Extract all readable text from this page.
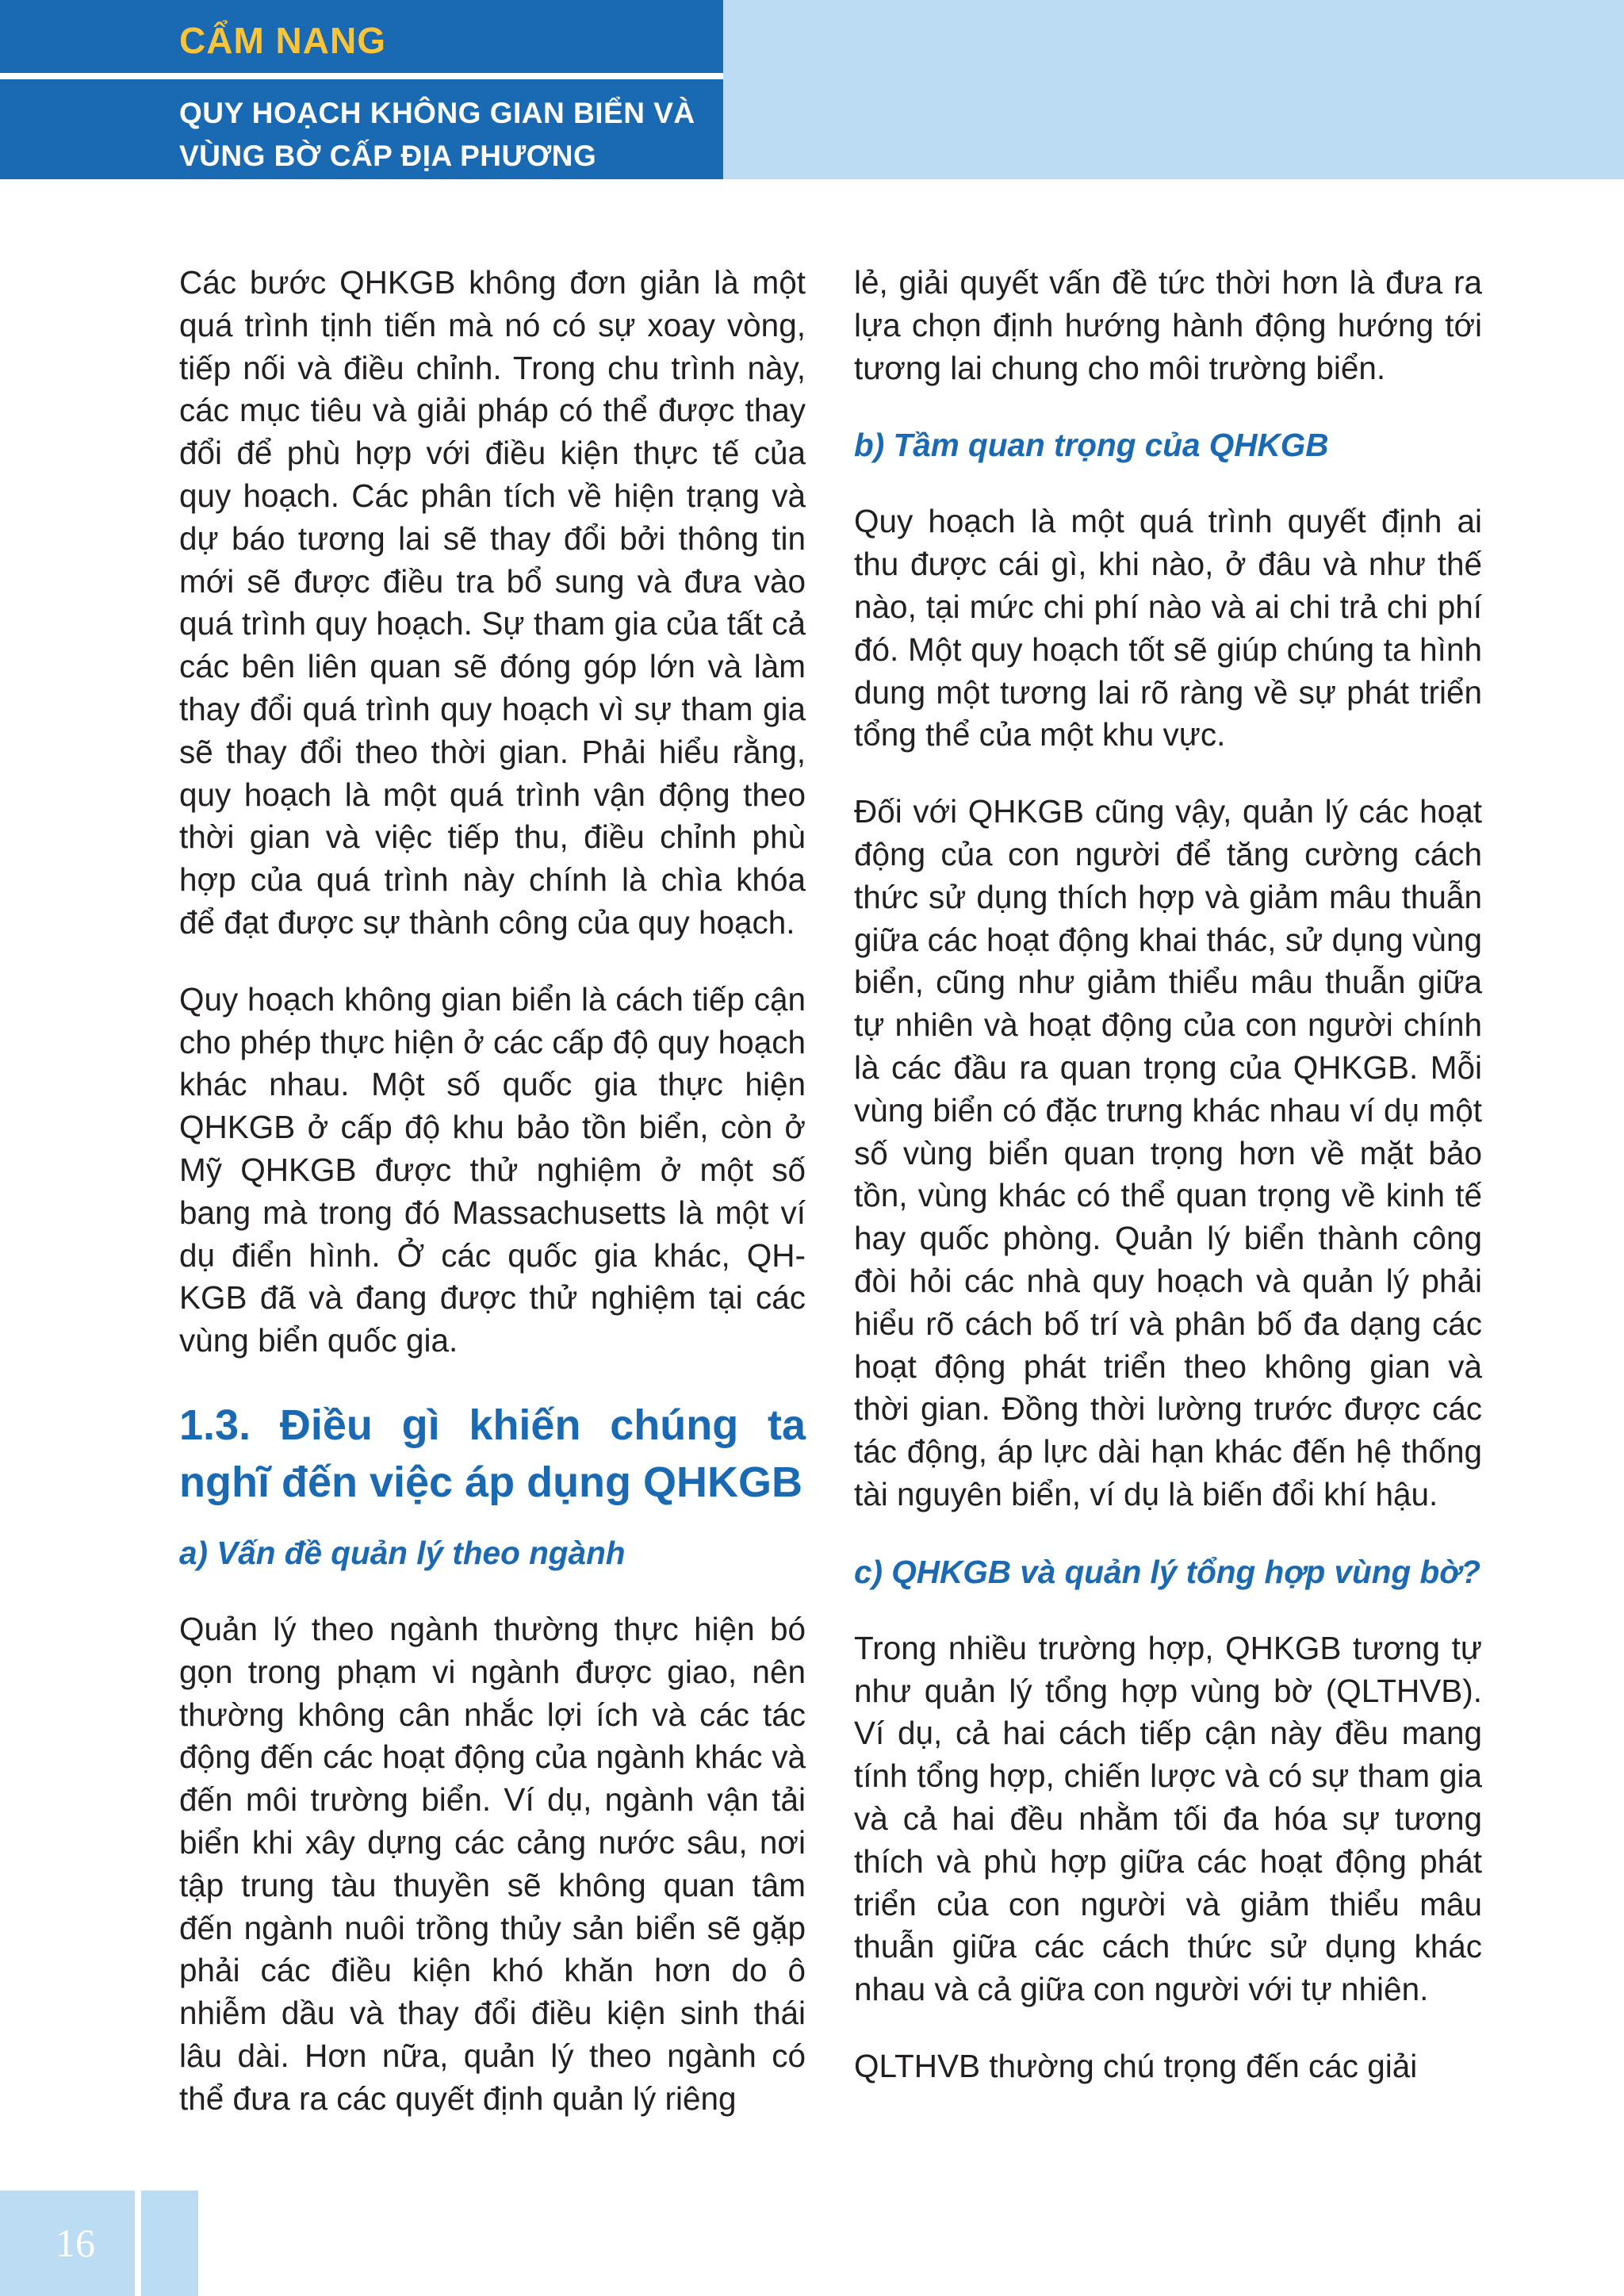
CẨM NANG
QUY HOẠCH KHÔNG GIAN BIỂN VÀ VÙNG BỜ CẤP ĐỊA PHƯƠNG

Các bước QHKGB không đơn giản là một quá trình tịnh tiến mà nó có sự xoay vòng, tiếp nối và điều chỉnh. Trong chu trình này, các mục tiêu và giải pháp có thể được thay đổi để phù hợp với điều kiện thực tế của quy hoạch. Các phân tích về hiện trạng và dự báo tương lai sẽ thay đổi bởi thông tin mới sẽ được điều tra bổ sung và đưa vào quá trình quy hoạch. Sự tham gia của tất cả các bên liên quan sẽ đóng góp lớn và làm thay đổi quá trình quy hoạch vì sự tham gia sẽ thay đổi theo thời gian. Phải hiểu rằng, quy hoạch là một quá trình vận động theo thời gian và việc tiếp thu, điều chỉnh phù hợp của quá trình này chính là chìa khóa để đạt được sự thành công của quy hoạch.

Quy hoạch không gian biển là cách tiếp cận cho phép thực hiện ở các cấp độ quy hoạch khác nhau. Một số quốc gia thực hiện QHKGB ở cấp độ khu bảo tồn biển, còn ở Mỹ QHKGB được thử nghiệm ở một số bang mà trong đó Massachusetts là một ví dụ điển hình. Ở các quốc gia khác, QH-KGB đã và đang được thử nghiệm tại các vùng biển quốc gia.

1.3. Điều gì khiến chúng ta nghĩ đến việc áp dụng QHKGB
a) Vấn đề quản lý theo ngành

Quản lý theo ngành thường thực hiện bó gọn trong phạm vi ngành được giao, nên thường không cân nhắc lợi ích và các tác động đến các hoạt động của ngành khác và đến môi trường biển. Ví dụ, ngành vận tải biển khi xây dựng các cảng nước sâu, nơi tập trung tàu thuyền sẽ không quan tâm đến ngành nuôi trồng thủy sản biển sẽ gặp phải các điều kiện khó khăn hơn do ô nhiễm dầu và thay đổi điều kiện sinh thái lâu dài. Hơn nữa, quản lý theo ngành có thể đưa ra các quyết định quản lý riêng

lẻ, giải quyết vấn đề tức thời hơn là đưa ra lựa chọn định hướng hành động hướng tới tương lai chung cho môi trường biển.

b) Tầm quan trọng của QHKGB

Quy hoạch là một quá trình quyết định ai thu được cái gì, khi nào, ở đâu và như thế nào, tại mức chi phí nào và ai chi trả chi phí đó. Một quy hoạch tốt sẽ giúp chúng ta hình dung một tương lai rõ ràng về sự phát triển tổng thể của một khu vực.

Đối với QHKGB cũng vậy, quản lý các hoạt động của con người để tăng cường cách thức sử dụng thích hợp và giảm mâu thuẫn giữa các hoạt động khai thác, sử dụng vùng biển, cũng như giảm thiểu mâu thuẫn giữa tự nhiên và hoạt động của con người chính là các đầu ra quan trọng của QHKGB. Mỗi vùng biển có đặc trưng khác nhau ví dụ một số vùng biển quan trọng hơn về mặt bảo tồn, vùng khác có thể quan trọng về kinh tế hay quốc phòng. Quản lý biển thành công đòi hỏi các nhà quy hoạch và quản lý phải hiểu rõ cách bố trí và phân bố đa dạng các hoạt động phát triển theo không gian và thời gian. Đồng thời lường trước được các tác động, áp lực dài hạn khác đến hệ thống tài nguyên biển, ví dụ là biến đổi khí hậu.

c) QHKGB và quản lý tổng hợp vùng bờ?

Trong nhiều trường hợp, QHKGB tương tự như quản lý tổng hợp vùng bờ (QLTHVB). Ví dụ, cả hai cách tiếp cận này đều mang tính tổng hợp, chiến lược và có sự tham gia và cả hai đều nhằm tối đa hóa sự tương thích và phù hợp giữa các hoạt động phát triển của con người và giảm thiểu mâu thuẫn giữa các cách thức sử dụng khác nhau và cả giữa con người với tự nhiên.

QLTHVB thường chú trọng đến các giải

16
